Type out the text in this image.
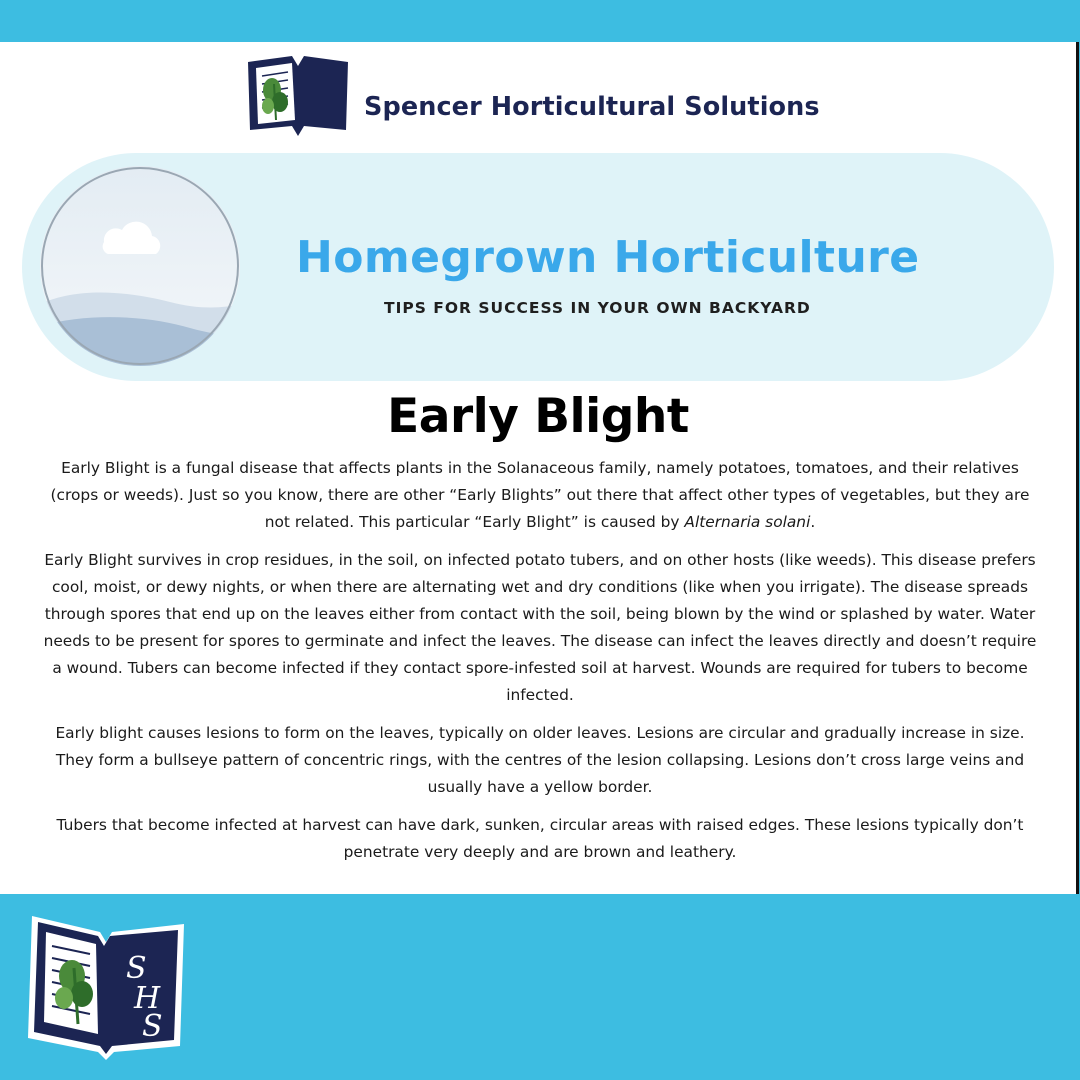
Spencer Horticultural Solutions
Homegrown Horticulture
TIPS FOR SUCCESS IN YOUR OWN BACKYARD
Early Blight

Early Blight is a fungal disease that affects plants in the Solanaceous family, namely potatoes, tomatoes, and their relatives (crops or weeds). Just so you know, there are other “Early Blights” out there that affect other types of vegetables, but they are not related. This particular “Early Blight” is caused by Alternaria solani.

Early Blight survives in crop residues, in the soil, on infected potato tubers, and on other hosts (like weeds). This disease prefers cool, moist, or dewy nights, or when there are alternating wet and dry conditions (like when you irrigate). The disease spreads through spores that end up on the leaves either from contact with the soil, being blown by the wind or splashed by water. Water needs to be present for spores to germinate and infect the leaves. The disease can infect the leaves directly and doesn’t require a wound. Tubers can become infected if they contact spore-infested soil at harvest. Wounds are required for tubers to become infected.

Early blight causes lesions to form on the leaves, typically on older leaves. Lesions are circular and gradually increase in size. They form a bullseye pattern of concentric rings, with the centres of the lesion collapsing. Lesions don’t cross large veins and usually have a yellow border.

Tubers that become infected at harvest can have dark, sunken, circular areas with raised edges. These lesions typically don’t penetrate very deeply and are brown and leathery.

S
H
S
